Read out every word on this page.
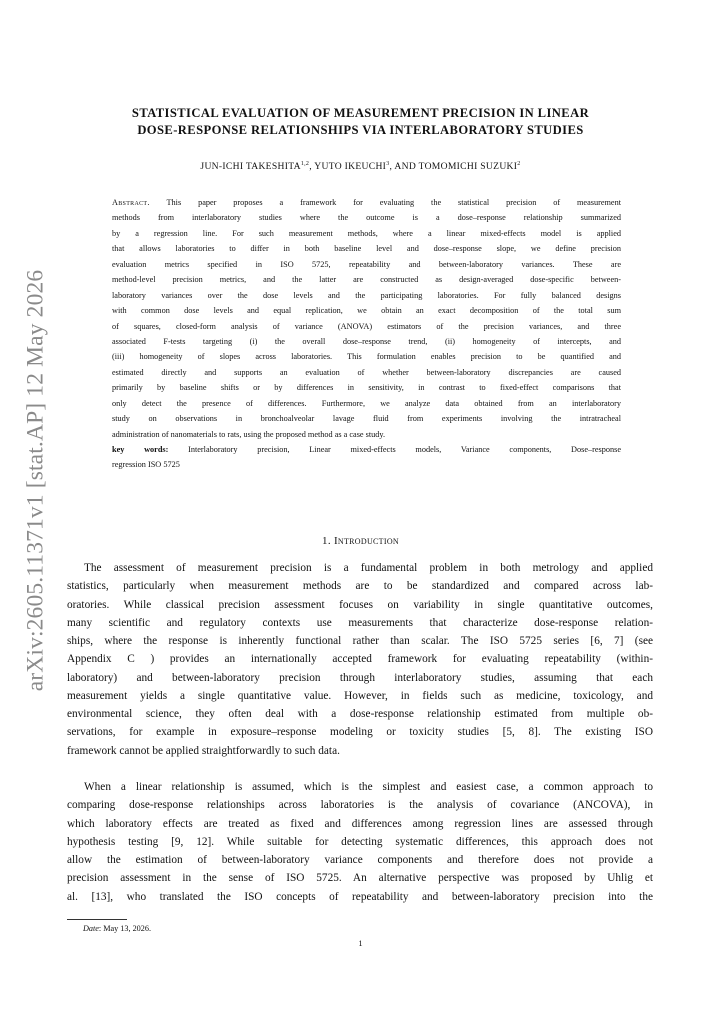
arXiv:2605.11371v1 [stat.AP] 12 May 2026
STATISTICAL EVALUATION OF MEASUREMENT PRECISION IN LINEAR
DOSE-RESPONSE RELATIONSHIPS VIA INTERLABORATORY STUDIES
JUN-ICHI TAKESHITA$^{1,2}$, YUTO IKEUCHI$^3$, AND TOMOMICHI SUZUKI$^2$
Abstract. This paper proposes a framework for evaluating the statistical precision of measurement
methods from interlaboratory studies where the outcome is a dose–response relationship summarized
by a regression line. For such measurement methods, where a linear mixed-effects model is applied
that allows laboratories to differ in both baseline level and dose–response slope, we define precision
evaluation metrics specified in ISO 5725, repeatability and between-laboratory variances. These are
method-level precision metrics, and the latter are constructed as design-averaged dose-specific between-
laboratory variances over the dose levels and the participating laboratories. For fully balanced designs
with common dose levels and equal replication, we obtain an exact decomposition of the total sum
of squares, closed-form analysis of variance (ANOVA) estimators of the precision variances, and three
associated F-tests targeting (i) the overall dose–response trend, (ii) homogeneity of intercepts, and
(iii) homogeneity of slopes across laboratories. This formulation enables precision to be quantified and
estimated directly and supports an evaluation of whether between-laboratory discrepancies are caused
primarily by baseline shifts or by differences in sensitivity, in contrast to fixed-effect comparisons that
only detect the presence of differences. Furthermore, we analyze data obtained from an interlaboratory
study on observations in bronchoalveolar lavage fluid from experiments involving the intratracheal
administration of nanomaterials to rats, using the proposed method as a case study.
key words: Interlaboratory precision, Linear mixed-effects models, Variance components, Dose–response
regression ISO 5725
1. Introduction
The assessment of measurement precision is a fundamental problem in both metrology and applied
statistics, particularly when measurement methods are to be standardized and compared across lab-
oratories. While classical precision assessment focuses on variability in single quantitative outcomes,
many scientific and regulatory contexts use measurements that characterize dose-response relation-
ships, where the response is inherently functional rather than scalar. The ISO 5725 series [6, 7] (see
Appendix C ) provides an internationally accepted framework for evaluating repeatability (within-
laboratory) and between-laboratory precision through interlaboratory studies, assuming that each
measurement yields a single quantitative value. However, in fields such as medicine, toxicology, and
environmental science, they often deal with a dose-response relationship estimated from multiple ob-
servations, for example in exposure–response modeling or toxicity studies [5, 8]. The existing ISO
framework cannot be applied straightforwardly to such data.
When a linear relationship is assumed, which is the simplest and easiest case, a common approach to
comparing dose-response relationships across laboratories is the analysis of covariance (ANCOVA), in
which laboratory effects are treated as fixed and differences among regression lines are assessed through
hypothesis testing [9, 12]. While suitable for detecting systematic differences, this approach does not
allow the estimation of between-laboratory variance components and therefore does not provide a
precision assessment in the sense of ISO 5725. An alternative perspective was proposed by Uhlig et
al. [13], who translated the ISO concepts of repeatability and between-laboratory precision into the
Date: May 13, 2026.
1
